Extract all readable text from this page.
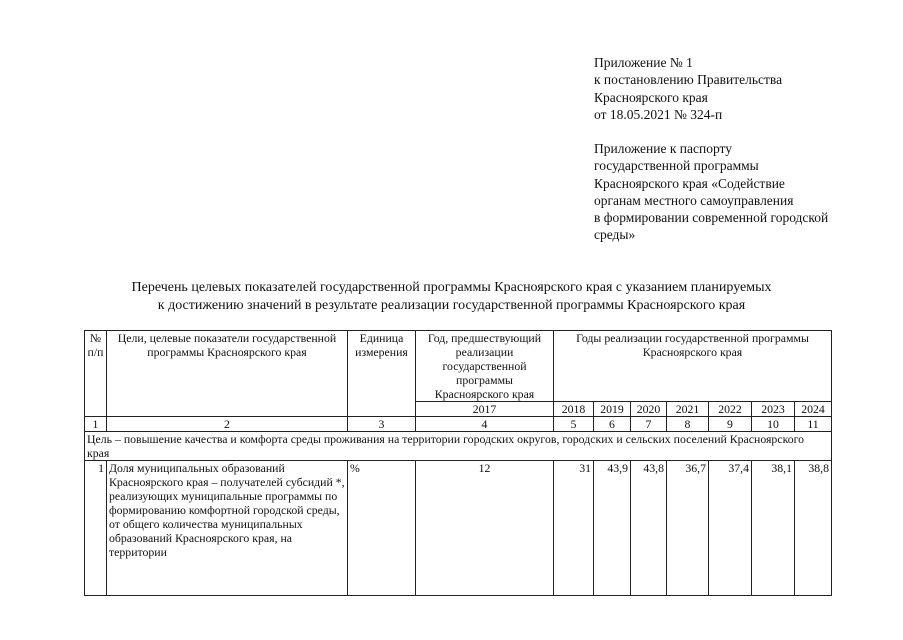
Приложение № 1
к постановлению Правительства
Красноярского края
от 18.05.2021 № 324-п
Приложение к паспорту
государственной программы
Красноярского края «Содействие
органам местного самоуправления
в формировании современной городской
среды»
Перечень целевых показателей государственной программы Красноярского края с указанием планируемых
к достижению значений в результате реализации государственной программы Красноярского края
№ п/п	Цели, целевые показатели государственной программы Красноярского края	Единица измерения	Год, предшествующий реализации государственной программы Красноярского края	Годы реализации государственной программы Красноярского края						
			2017	2018	2019	2020	2021	2022	2023	2024
1	2	3	4	5	6	7	8	9	10	11
Цель – повышение качества и комфорта среды проживания на территории городских округов, городских и сельских поселений Красноярского края										
1	Доля муниципальных образований Красноярского края – получателей субсидий *, реализующих муниципальные программы по формированию комфортной городской среды, от общего количества муниципальных образований Красноярского края, на территории	%	12	31	43,9	43,8	36,7	37,4	38,1	38,8
